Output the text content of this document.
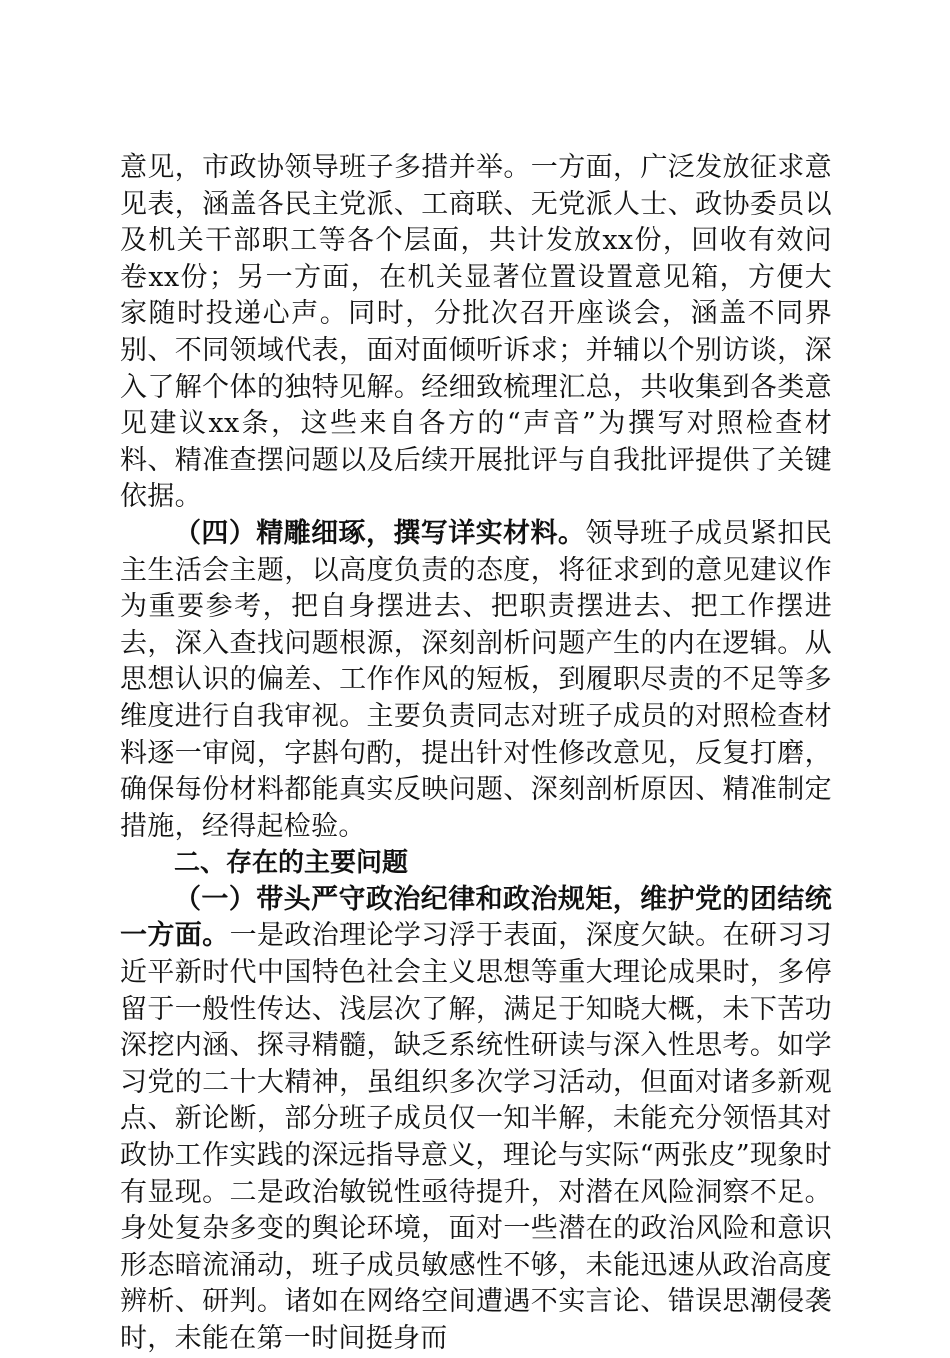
意见，市政协领导班子多措并举。一方面，广泛发放征求意见表，涵盖各民主党派、工商联、无党派人士、政协委员以及机关干部职工等各个层面，共计发放xx份，回收有效问卷xx份；另一方面，在机关显著位置设置意见箱，方便大家随时投递心声。同时，分批次召开座谈会，涵盖不同界别、不同领域代表，面对面倾听诉求；并辅以个别访谈，深入了解个体的独特见解。经细致梳理汇总，共收集到各类意见建议xx条，这些来自各方的“声音”为撰写对照检查材料、精准查摆问题以及后续开展批评与自我批评提供了关键依据。

（四）精雕细琢，撰写详实材料。领导班子成员紧扣民主生活会主题，以高度负责的态度，将征求到的意见建议作为重要参考，把自身摆进去、把职责摆进去、把工作摆进去，深入查找问题根源，深刻剖析问题产生的内在逻辑。从思想认识的偏差、工作作风的短板，到履职尽责的不足等多维度进行自我审视。主要负责同志对班子成员的对照检查材料逐一审阅，字斟句酌，提出针对性修改意见，反复打磨，确保每份材料都能真实反映问题、深刻剖析原因、精准制定措施，经得起检验。

二、存在的主要问题

（一）带头严守政治纪律和政治规矩，维护党的团结统一方面。一是政治理论学习浮于表面，深度欠缺。在研习习近平新时代中国特色社会主义思想等重大理论成果时，多停留于一般性传达、浅层次了解，满足于知晓大概，未下苦功深挖内涵、探寻精髓，缺乏系统性研读与深入性思考。如学习党的二十大精神，虽组织多次学习活动，但面对诸多新观点、新论断，部分班子成员仅一知半解，未能充分领悟其对政协工作实践的深远指导意义，理论与实际“两张皮”现象时有显现。二是政治敏锐性亟待提升，对潜在风险洞察不足。身处复杂多变的舆论环境，面对一些潜在的政治风险和意识形态暗流涌动，班子成员敏感性不够，未能迅速从政治高度辨析、研判。诸如在网络空间遭遇不实言论、错误思潮侵袭时，未能在第一时间挺身而
